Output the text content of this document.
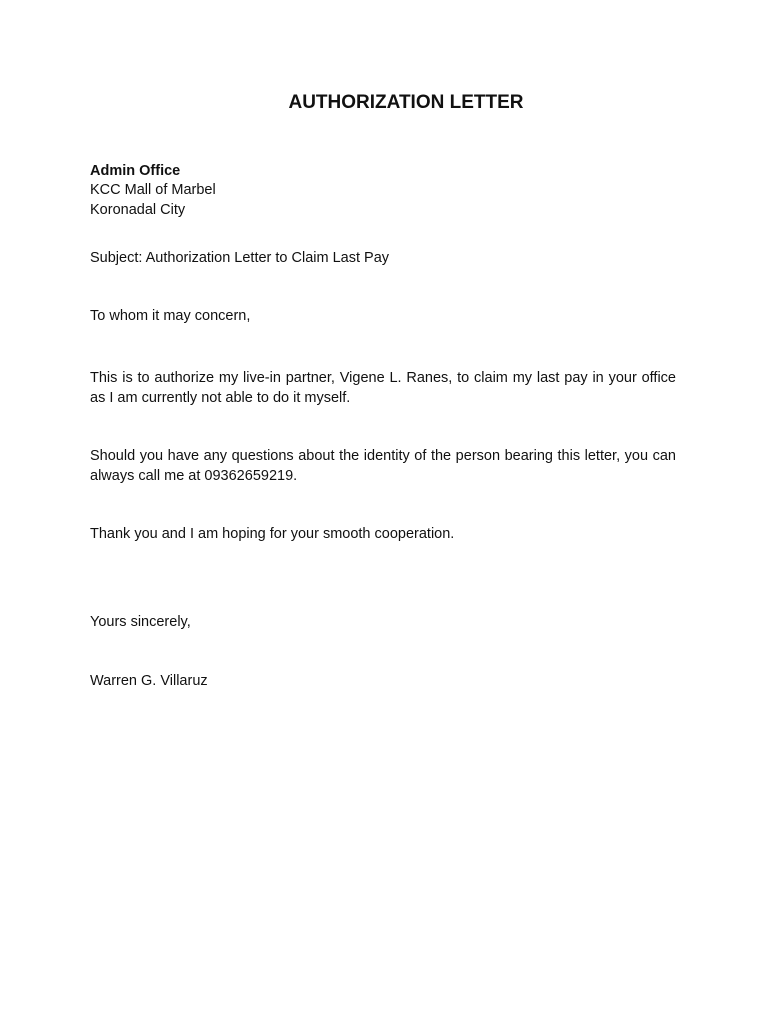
AUTHORIZATION LETTER
Admin Office
KCC Mall of Marbel
Koronadal City
Subject: Authorization Letter to Claim Last Pay
To whom it may concern,
This is to authorize my live-in partner, Vigene L. Ranes, to claim my last pay in your office as I am currently not able to do it myself.
Should you have any questions about the identity of the person bearing this letter, you can always call me at 09362659219.
Thank you and I am hoping for your smooth cooperation.
Yours sincerely,
Warren G. Villaruz
